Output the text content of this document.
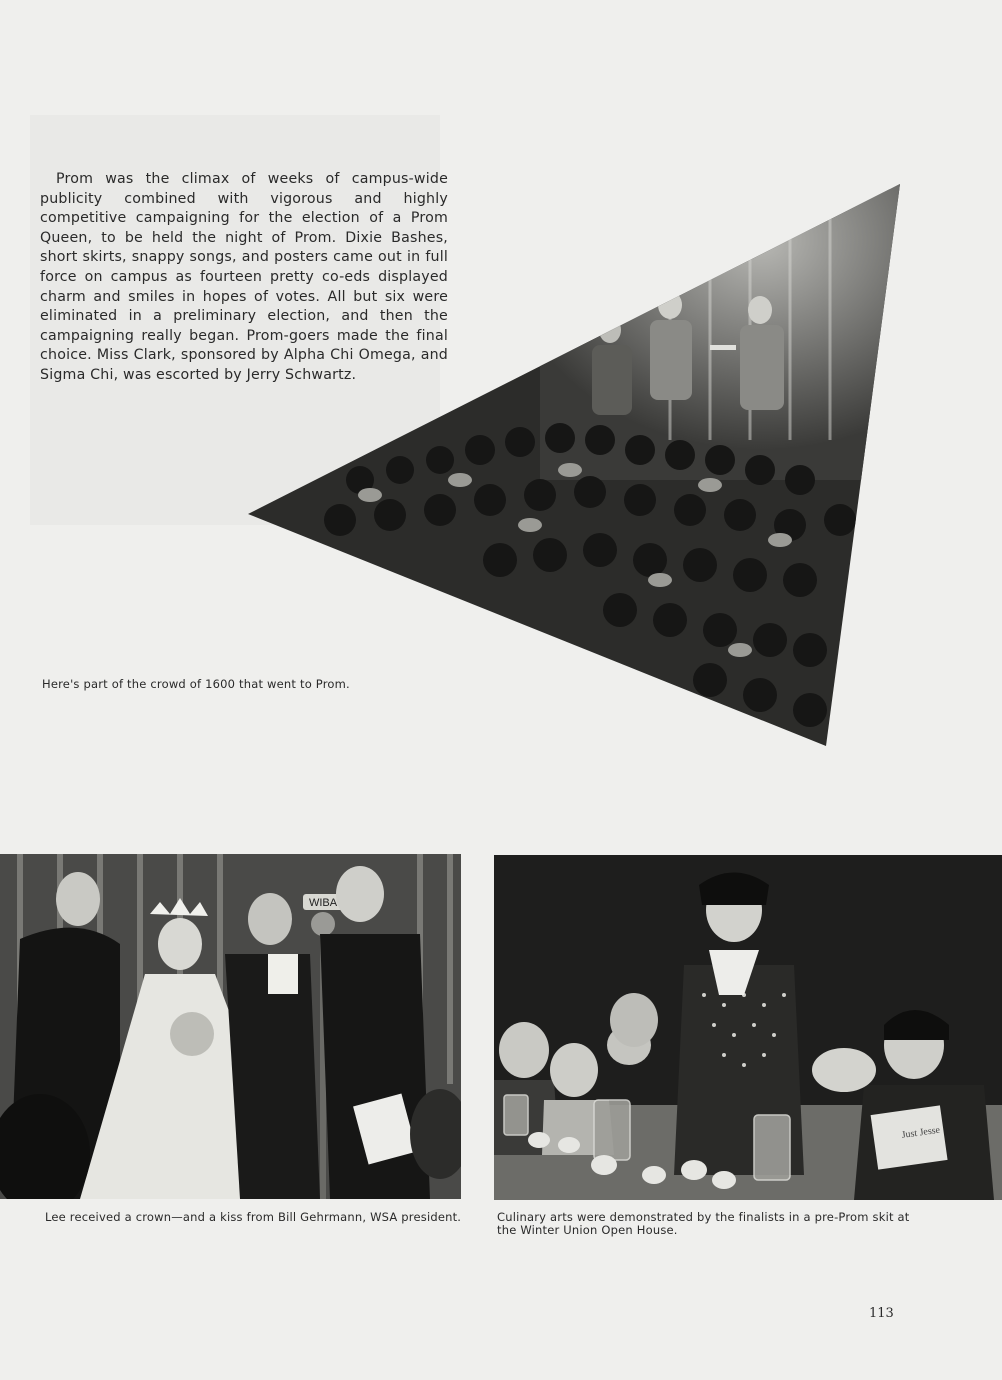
Prom was the climax of weeks of campus-wide publicity combined with vigorous and highly competitive campaigning for the election of a Prom Queen, to be held the night of Prom. Dixie Bashes, short skirts, snappy songs, and posters came out in full force on campus as fourteen pretty co-eds displayed charm and smiles in hopes of votes. All but six were eliminated in a preliminary election, and then the campaigning really began. Prom-goers made the final choice. Miss Clark, sponsored by Alpha Chi Omega, and Sigma Chi, was escorted by Jerry Schwartz.

Here's part of the crowd of 1600 that went to Prom.
WIBA
Lee received a crown—and a kiss from Bill Gehrmann, WSA president.
Just Jesse
Culinary arts were demonstrated by the finalists in a pre-Prom skit at the Winter Union Open House.
113
